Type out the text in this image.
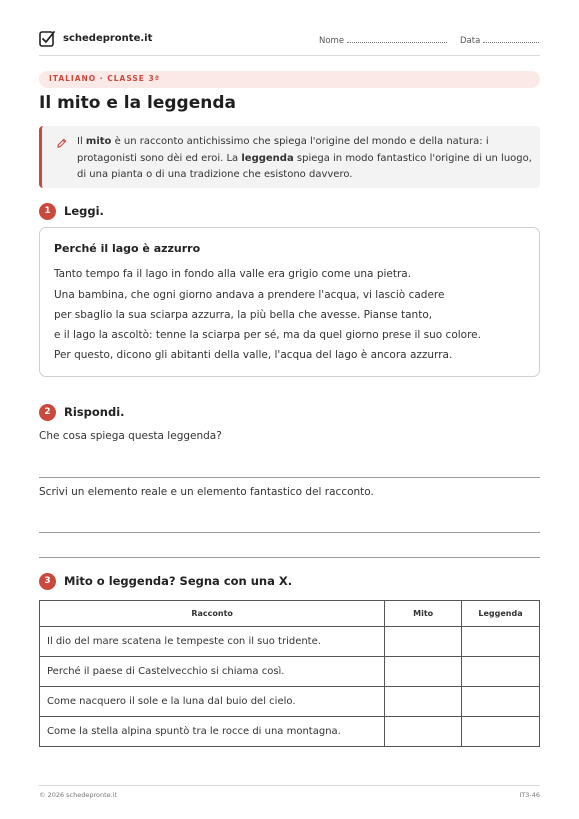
schedepronte.it	Nome	Data
ITALIANO · CLASSE 3ª
Il mito e la leggenda

Il mito è un racconto antichissimo che spiega l'origine del mondo e della natura: i protagonisti sono dèi ed eroi. La leggenda spiega in modo fantastico l'origine di un luogo, di una pianta o di una tradizione che esistono davvero.

1	Leggi.
Perché il lago è azzurro
Tanto tempo fa il lago in fondo alla valle era grigio come una pietra.
Una bambina, che ogni giorno andava a prendere l'acqua, vi lasciò cadere
per sbaglio la sua sciarpa azzurra, la più bella che avesse. Pianse tanto,
e il lago la ascoltò: tenne la sciarpa per sé, ma da quel giorno prese il suo colore.
Per questo, dicono gli abitanti della valle, l'acqua del lago è ancora azzurra.
2	Rispondi.
Che cosa spiega questa leggenda?
Scrivi un elemento reale e un elemento fantastico del racconto.
3	Mito o leggenda? Segna con una X.
Racconto	Mito	Leggenda
Il dio del mare scatena le tempeste con il suo tridente.		
Perché il paese di Castelvecchio si chiama così.		
Come nacquero il sole e la luna dal buio del cielo.		
Come la stella alpina spuntò tra le rocce di una montagna.		
© 2026 schedepronte.it	IT3-46
